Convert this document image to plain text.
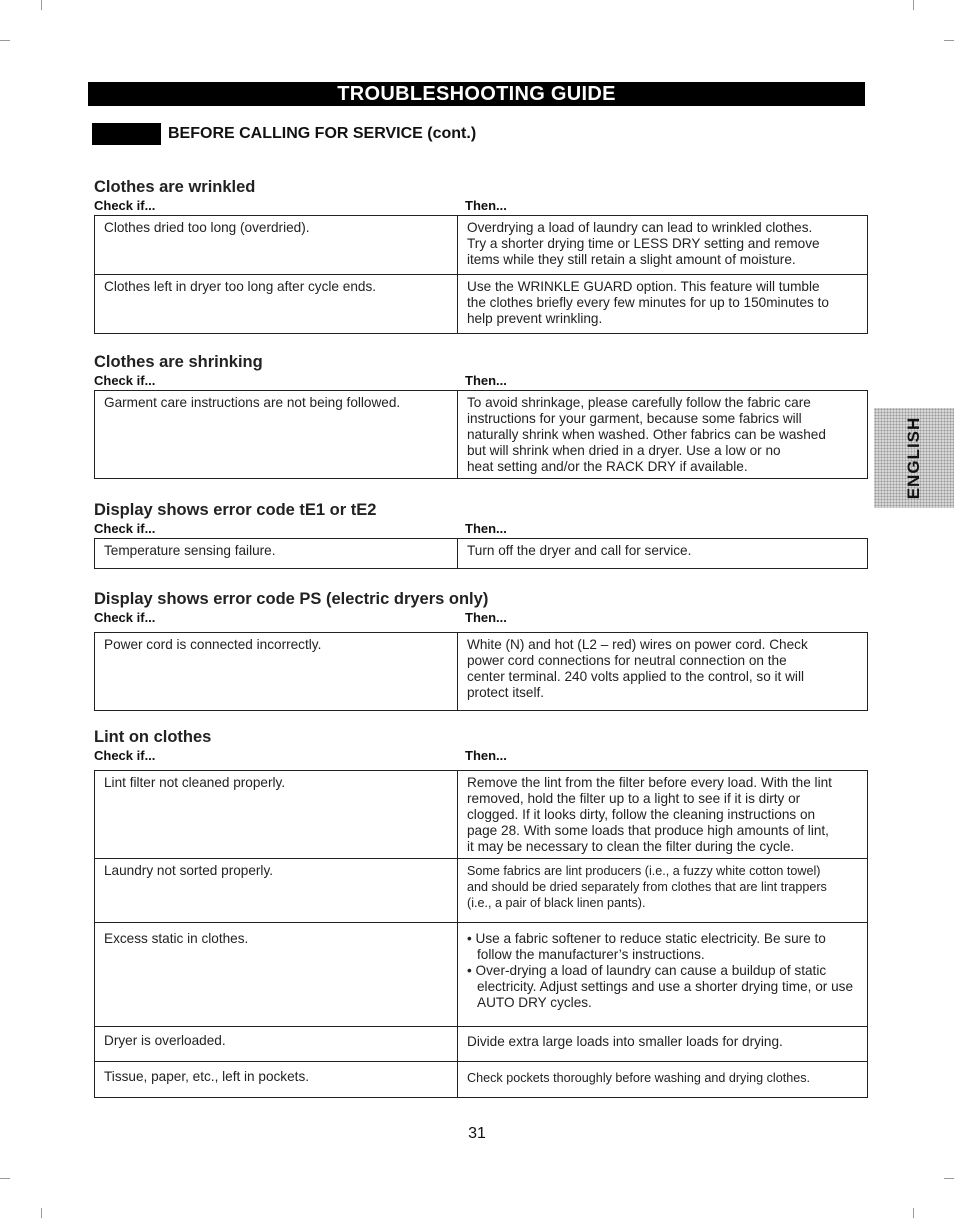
TROUBLESHOOTING GUIDE
BEFORE CALLING FOR SERVICE (cont.)
Clothes are wrinkled
Check if...	Then...
Clothes dried too long (overdried).	Overdrying a load of laundry can lead to wrinkled clothes.
Try a shorter drying time or LESS DRY setting and remove
items while they still retain a slight amount of moisture.

Clothes left in dryer too long after cycle ends.	Use the WRINKLE GUARD option. This feature will tumble
the clothes briefly every few minutes for up to 150minutes to
help prevent wrinkling.
Clothes are shrinking
Check if...	Then...
Garment care instructions are not being followed.	To avoid shrinkage, please carefully follow the fabric care
instructions for your garment, because some fabrics will
naturally shrink when washed. Other fabrics can be washed
but will shrink when dried in a dryer. Use a low or no
heat setting and/or the RACK DRY if available.
Display shows error code tE1 or tE2
Check if...	Then...
Temperature sensing failure.	Turn off the dryer and call for service.
Display shows error code PS (electric dryers only)
Check if...	Then...
Power cord is connected incorrectly.	White (N) and hot (L2 – red) wires on power cord. Check
power cord connections for neutral connection on the
center terminal. 240 volts applied to the control, so it will
protect itself.
Lint on clothes
Check if...	Then...
Lint filter not cleaned properly.	Remove the lint from the filter before every load. With the lint
removed, hold the filter up to a light to see if it is dirty or
clogged. If it looks dirty, follow the cleaning instructions on
page 28. With some loads that produce high amounts of lint,
it may be necessary to clean the filter during the cycle.

Laundry not sorted properly.	Some fabrics are lint producers (i.e., a fuzzy white cotton towel)
and should be dried separately from clothes that are lint trappers
(i.e., a pair of black linen pants).

Excess static in clothes.	• Use a fabric softener to reduce static electricity. Be sure to follow the manufacturer’s instructions.
• Over-drying a load of laundry can cause a buildup of static electricity. Adjust settings and use a shorter drying time, or use AUTO DRY cycles.

Dryer is overloaded.	Divide extra large loads into smaller loads for drying.

Tissue, paper, etc., left in pockets.	Check pockets thoroughly before washing and drying clothes.
ENGLISH
31
